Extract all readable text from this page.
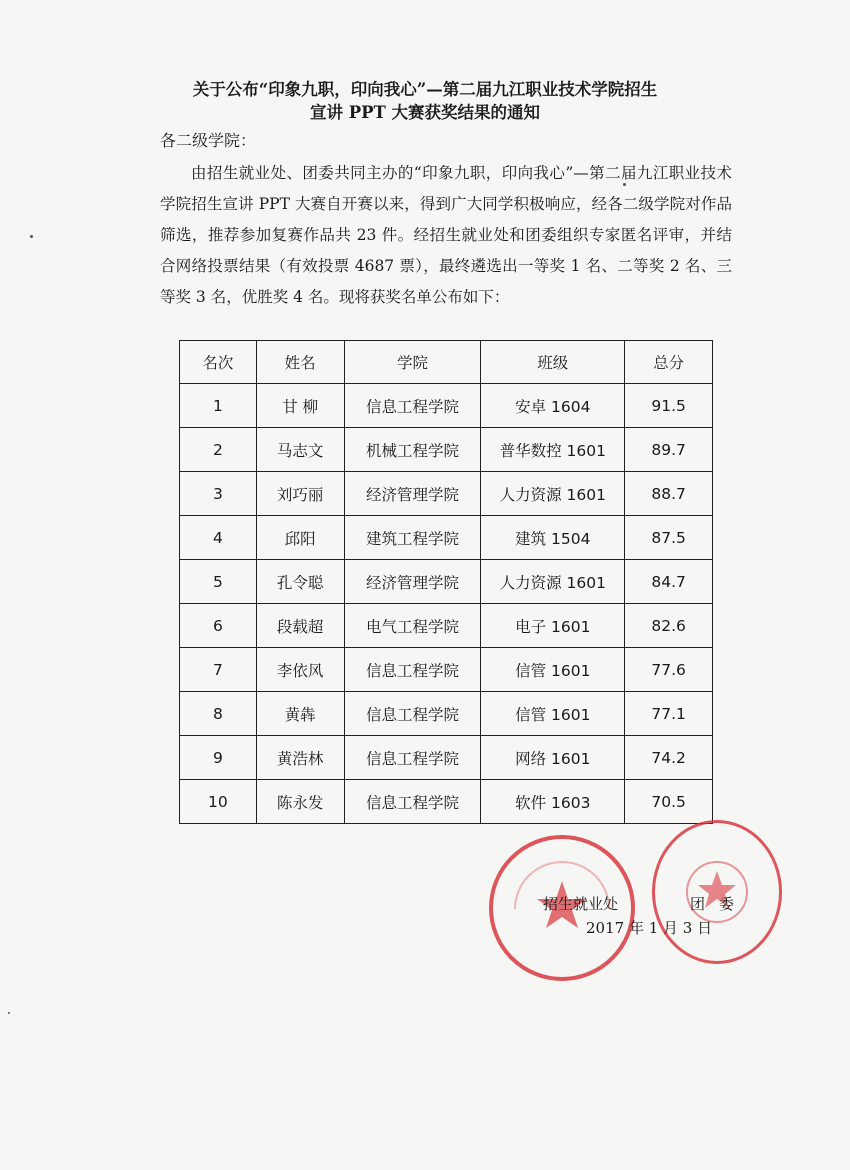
关于公布“印象九职，印向我心”—第二届九江职业技术学院招生
宣讲 PPT 大赛获奖结果的通知
各二级学院：
由招生就业处、团委共同主办的“印象九职，印向我心”—第二届九江职业技术学院招生宣讲 PPT 大赛自开赛以来，得到广大同学积极响应，经各二级学院对作品筛选，推荐参加复赛作品共 23 件。经招生就业处和团委组织专家匿名评审，并结合网络投票结果（有效投票 4687 票），最终遴选出一等奖 1 名、二等奖 2 名、三等奖 3 名，优胜奖 4 名。现将获奖名单公布如下：
名次	姓名	学院	班级	总分
1	甘 柳	信息工程学院	安卓 1604	91.5
2	马志文	机械工程学院	普华数控 1601	89.7
3	刘巧丽	经济管理学院	人力资源 1601	88.7
4	邱阳	建筑工程学院	建筑 1504	87.5
5	孔令聪	经济管理学院	人力资源 1601	84.7
6	段载超	电气工程学院	电子 1601	82.6
7	李依风	信息工程学院	信管 1601	77.6
8	黄犇	信息工程学院	信管 1601	77.1
9	黄浩林	信息工程学院	网络 1601	74.2
10	陈永发	信息工程学院	软件 1603	70.5
招生就业处	团委
2017 年 1 月 3 日
